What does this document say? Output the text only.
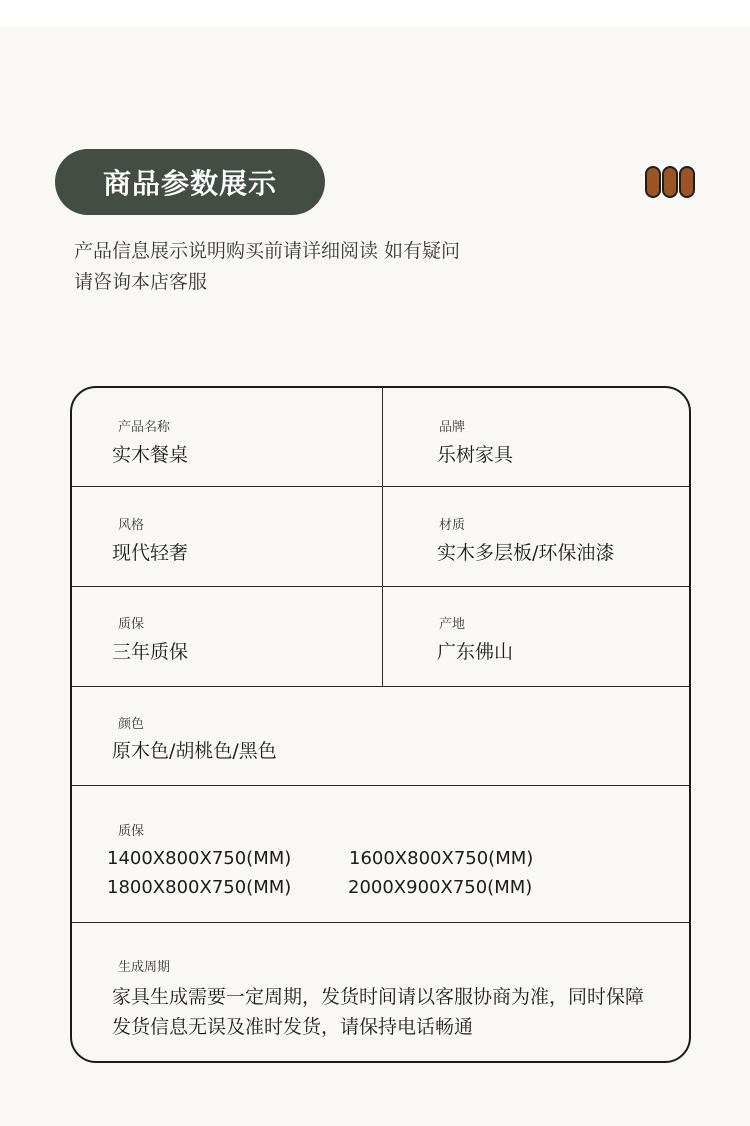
商品参数展示
产品信息展示说明购买前请详细阅读 如有疑问
请咨询本店客服
产品名称
实木餐桌
品牌
乐树家具
风格
现代轻奢
材质
实木多层板/环保油漆
质保
三年质保
产地
广东佛山
颜色
原木色/胡桃色/黑色
质保
1400X800X750(MM)	1600X800X750(MM)
1800X800X750(MM)	2000X900X750(MM)
生成周期
家具生成需要一定周期，发货时间请以客服协商为准，同时保障
发货信息无误及准时发货，请保持电话畅通
